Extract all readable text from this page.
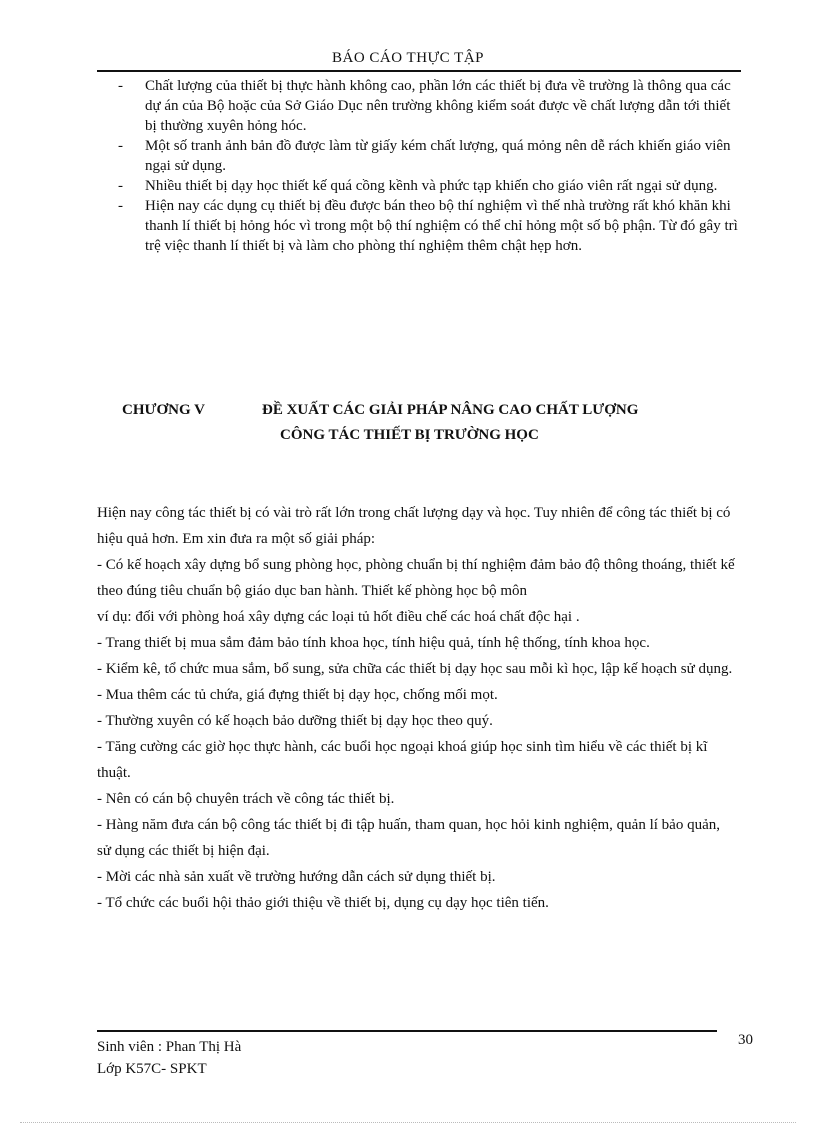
BÁO CÁO THỰC TẬP
- Chất lượng của thiết bị thực hành không cao, phần lớn các thiết bị đưa về trường là thông qua các dự án của Bộ hoặc của Sở Giáo Dục nên trường không kiểm soát được về chất lượng dẫn tới thiết bị thường xuyên hỏng hóc.
- Một số tranh ảnh bản đồ được làm từ giấy kém chất lượng, quá mỏng nên dễ rách khiến giáo viên ngại sử dụng.
- Nhiều thiết bị dạy học thiết kế quá cồng kềnh và phức tạp khiến cho giáo viên rất ngại sử dụng.
- Hiện nay các dụng cụ thiết bị đều được bán theo bộ thí nghiệm vì thế nhà trường rất khó khăn khi thanh lí thiết bị hỏng hóc vì trong một bộ thí nghiệm có thể chỉ hỏng một số bộ phận. Từ đó gây trì trệ việc thanh lí thiết bị và làm cho phòng thí nghiệm thêm chật hẹp hơn.
CHƯƠNG V	ĐỀ XUẤT CÁC GIẢI PHÁP NÂNG CAO CHẤT LƯỢNG
CÔNG TÁC THIẾT BỊ TRƯỜNG HỌC

Hiện nay công tác thiết bị có vài trò rất lớn trong chất lượng dạy và học. Tuy nhiên để công tác thiết bị có hiệu quả hơn. Em xin đưa ra một số giải pháp:

- Có kế hoạch xây dựng bổ sung phòng học, phòng chuẩn bị thí nghiệm đảm bảo độ thông thoáng, thiết kế theo đúng tiêu chuẩn bộ giáo dục ban hành. Thiết kế phòng học bộ môn

ví dụ: đối với phòng hoá xây dựng các loại tủ hốt điều chế các hoá chất độc hại .

- Trang thiết bị mua sắm đảm bảo tính khoa học, tính hiệu quả, tính hệ thống, tính khoa học.

- Kiểm kê, tổ chức mua sắm, bổ sung, sửa chữa các thiết bị dạy học sau mỗi kì học, lập kế hoạch sử dụng.

- Mua thêm các tủ chứa, giá đựng thiết bị dạy học, chống mối mọt.

- Thường xuyên có kế hoạch bảo dưỡng thiết bị dạy học theo quý.

- Tăng cường các giờ học thực hành, các buổi học ngoại khoá giúp học sinh tìm hiểu về các thiết bị kĩ thuật.

- Nên có cán bộ chuyên trách về công tác thiết bị.

- Hàng năm đưa cán bộ công tác thiết bị đi tập huấn, tham quan, học hỏi kinh nghiệm, quản lí bảo quản, sử dụng các thiết bị hiện đại.

- Mời các nhà sản xuất về trường hướng dẫn cách sử dụng thiết bị.

- Tổ chức các buổi hội thảo giới thiệu về thiết bị, dụng cụ dạy học tiên tiến.

Sinh viên : Phan Thị Hà
Lớp K57C- SPKT
30
